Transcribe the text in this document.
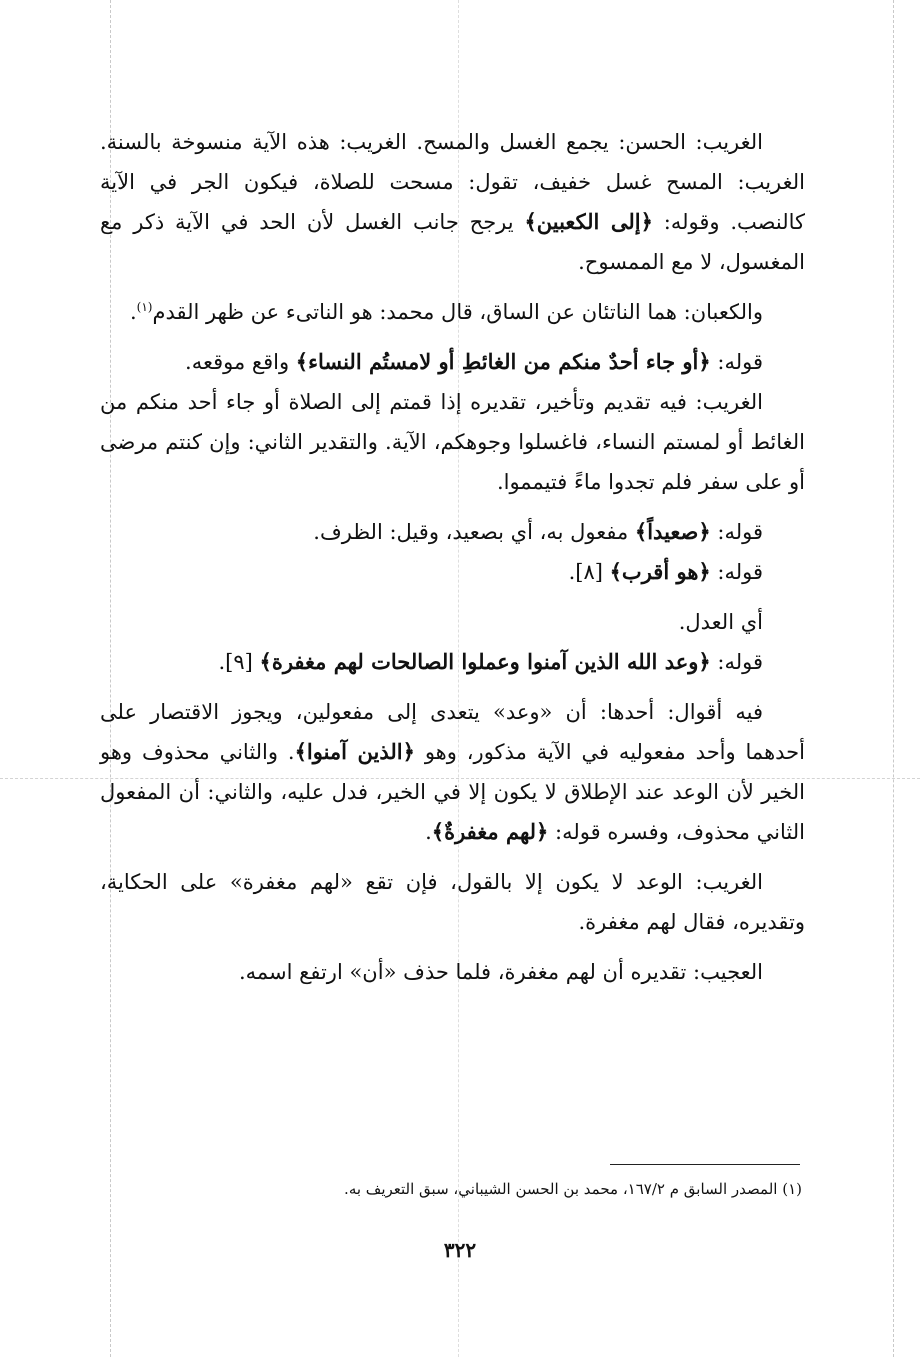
الغريب: الحسن: يجمع الغسل والمسح. الغريب: هذه الآية منسوخة بالسنة. الغريب: المسح غسل خفيف، تقول: مسحت للصلاة، فيكون الجر في الآية كالنصب. وقوله: ﴿إلى الكعبين﴾ يرجح جانب الغسل لأن الحد في الآية ذكر مع المغسول، لا مع الممسوح.

والكعبان: هما الناتئان عن الساق، قال محمد: هو الناتىء عن ظهر القدم$^{(١)}$.

قوله: ﴿أو جاء أحدٌ منكم من الغائطِ أو لامستُم النساء﴾ واقع موقعه.

الغريب: فيه تقديم وتأخير، تقديره إذا قمتم إلى الصلاة أو جاء أحد منكم من الغائط أو لمستم النساء، فاغسلوا وجوهكم، الآية. والتقدير الثاني: وإن كنتم مرضى أو على سفر فلم تجدوا ماءً فتيمموا.

قوله: ﴿صعيداً﴾ مفعول به، أي بصعيد، وقيل: الظرف.

قوله: ﴿هو أقرب﴾ [٨].

أي العدل.

قوله: ﴿وعد الله الذين آمنوا وعملوا الصالحات لهم مغفرة﴾ [٩].

فيه أقوال: أحدها: أن «وعد» يتعدى إلى مفعولين، ويجوز الاقتصار على أحدهما وأحد مفعوليه في الآية مذكور، وهو ﴿الذين آمنوا﴾. والثاني محذوف وهو الخير لأن الوعد عند الإطلاق لا يكون إلا في الخير، فدل عليه، والثاني: أن المفعول الثاني محذوف، وفسره قوله: ﴿لهم مغفرةٌ﴾.

الغريب: الوعد لا يكون إلا بالقول، فإن تقع «لهم مغفرة» على الحكاية، وتقديره، فقال لهم مغفرة.

العجيب: تقديره أن لهم مغفرة، فلما حذف «أن» ارتفع اسمه.

(١) المصدر السابق م ١٦٧/٢، محمد بن الحسن الشيباني، سبق التعريف به.
٣٢٢
